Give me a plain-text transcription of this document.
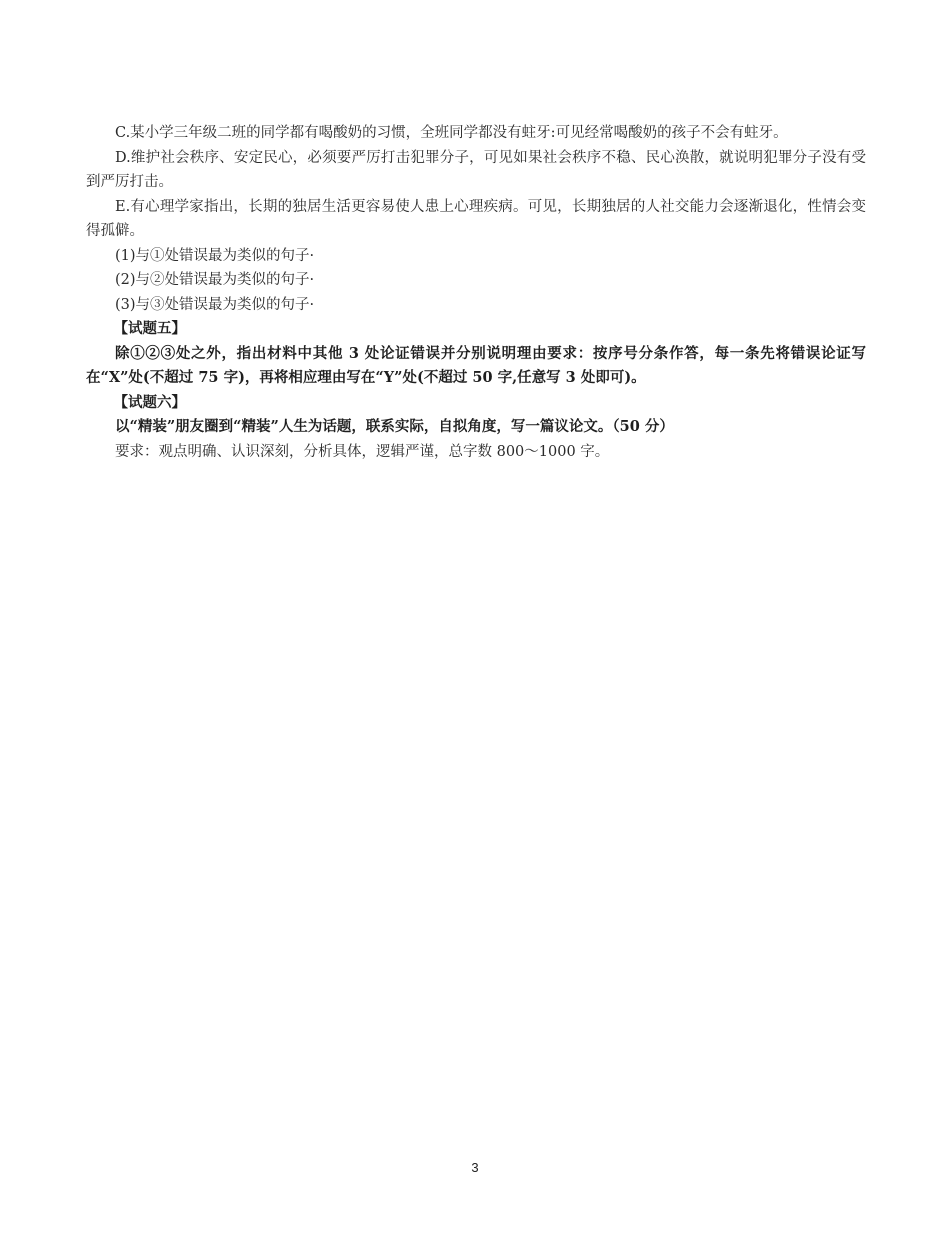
C.某小学三年级二班的同学都有喝酸奶的习惯，全班同学都没有蛀牙:可见经常喝酸奶的孩子不会有蛀牙。

D.维护社会秩序、安定民心，必须要严厉打击犯罪分子，可见如果社会秩序不稳、民心涣散，就说明犯罪分子没有受到严厉打击。

E.有心理学家指出，长期的独居生活更容易使人患上心理疾病。可见，长期独居的人社交能力会逐渐退化，性情会变得孤僻。

(1)与①处错误最为类似的句子·

(2)与②处错误最为类似的句子·

(3)与③处错误最为类似的句子·

【试题五】

除①②③处之外，指出材料中其他 3 处论证错误并分别说明理由要求：按序号分条作答，每一条先将错误论证写在“X”处(不超过 75 字)，再将相应理由写在“Y”处(不超过 50 字,任意写 3 处即可)。

【试题六】

以“精装”朋友圈到“精装”人生为话题，联系实际，自拟角度，写一篇议论文。（50 分）

要求：观点明确、认识深刻，分析具体，逻辑严谨，总字数 800～1000 字。

3
